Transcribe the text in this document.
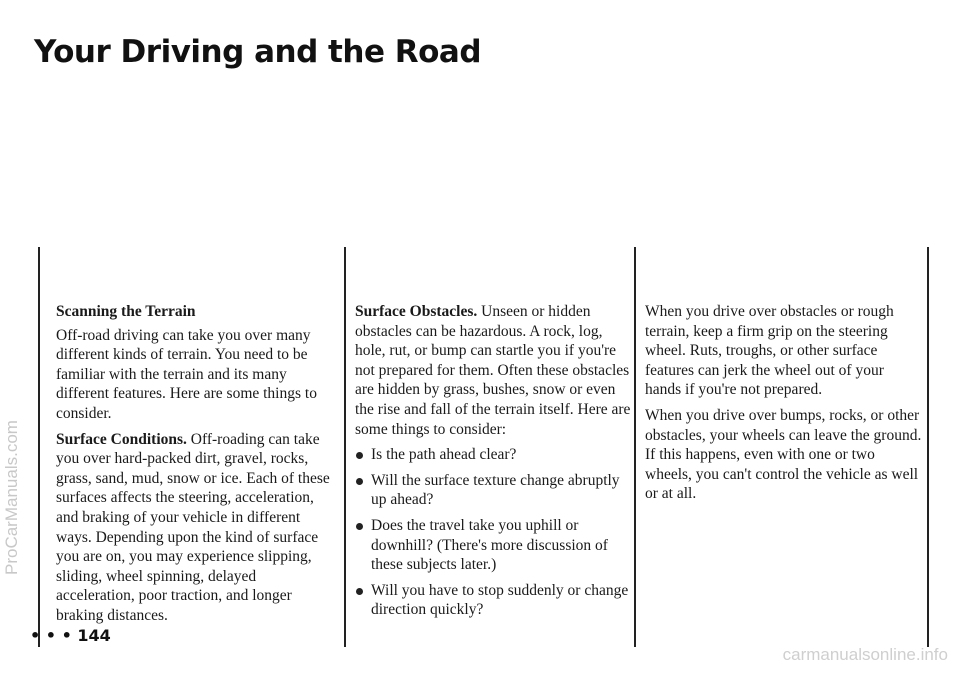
Your Driving and the Road
ProCarManuals.com
carmanualsonline.info
Scanning the Terrain

Off-road driving can take you over many different kinds of terrain. You need to be familiar with the terrain and its many different features. Here are some things to consider.

Surface Conditions. Off-roading can take you over hard-packed dirt, gravel, rocks, grass, sand, mud, snow or ice. Each of these surfaces affects the steering, acceleration, and braking of your vehicle in different ways. Depending upon the kind of surface you are on, you may experience slipping, sliding, wheel spinning, delayed acceleration, poor traction, and longer braking distances.

Surface Obstacles. Unseen or hidden obstacles can be hazardous. A rock, log, hole, rut, or bump can startle you if you're not prepared for them. Often these obstacles are hidden by grass, bushes, snow or even the rise and fall of the terrain itself. Here are some things to consider:

Is the path ahead clear?
Will the surface texture change abruptly up ahead?
Does the travel take you uphill or downhill? (There's more discussion of these subjects later.)
Will you have to stop suddenly or change direction quickly?

When you drive over obstacles or rough terrain, keep a firm grip on the steering wheel. Ruts, troughs, or other surface features can jerk the wheel out of your hands if you're not prepared.

When you drive over bumps, rocks, or other obstacles, your wheels can leave the ground. If this happens, even with one or two wheels, you can't control the vehicle as well or at all.

• • • 144
